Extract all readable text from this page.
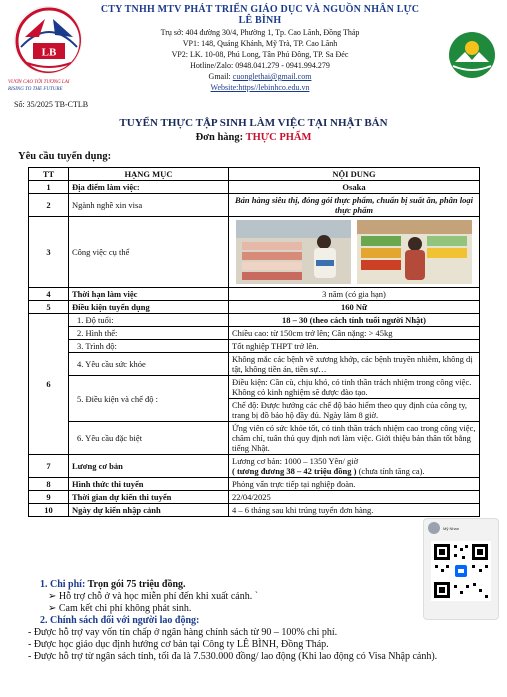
LB
VƯƠN CAO TỚI TƯƠNG LAI
RISING TO THE FUTURE
CTY TNHH MTV PHÁT TRIỂN GIÁO DỤC VÀ NGUỒN NHÂN LỰC LÊ BÌNH
Trụ sở: 404 đường 30/4, Phường 1, Tp. Cao Lãnh, Đồng Tháp
VP1: 148, Quảng Khánh, Mỹ Trà, TP. Cao Lãnh
VP2: LK. 10-08, Phú Long, Tân Phú Đông, TP. Sa Đéc
Hotline/Zalo: 0948.041.279 - 0941.994.279
Gmail: cuonglethai@gmail.com
Website:https//lebinhco.edu.vn
Số: 35/2025 TB-CTLB
TUYỂN THỰC TẬP SINH LÀM VIỆC TẠI NHẬT BẢN
Đơn hàng: THỰC PHẨM
Yêu cầu tuyển dụng:
TT	HẠNG MỤC	NỘI DUNG
1	Địa điểm làm việc:	Osaka
2	Ngành nghề xin visa	Bán hàng siêu thị, đóng gói thực phẩm, chuẩn bị suất ăn, phân loại thực phẩm
3	Công việc cụ thể	

4	Thời hạn làm việc	3 năm (có gia hạn)
5	Điều kiện tuyển dụng	160 Nữ
6	1. Độ tuổi:	18 – 30 (theo cách tính tuổi người Nhật)
	2. Hình thể:	Chiều cao: từ 150cm trở lên; Cân nặng: > 45kg
	3. Trình độ:	Tốt nghiệp THPT trở lên.
	4. Yêu cầu sức khỏe	Không mắc các bệnh về xương khớp, các bệnh truyền nhiễm, không dị tật, không tiền án, tiền sự…
	5. Điều kiện và chế độ :	Điều kiện: Cần cù, chịu khó, có tinh thần trách nhiệm trong công việc. Không cỏ kinh nghiệm sẽ được đào tạo.
		Chế độ: Được hưởng các chế độ bảo hiểm theo quy định của công ty, trang bị đồ bảo hộ đầy đủ. Ngày làm 8 giờ.
	6. Yêu cầu đặc biệt	Ứng viên có sức khỏe tốt, có tinh thần trách nhiệm cao trong công việc, chăm chỉ, tuân thủ quy định nơi làm việc. Giới thiệu bản thân tốt bằng tiếng Nhật.
7	Lương cơ bản	Lương cơ bản: 1000 – 1350 Yên/ giờ
( tương đương 38 – 42 triệu đồng ) (chưa tính tăng ca).

8	Hình thức thi tuyển	Phỏng vấn trực tiếp tại nghiệp đoàn.
9	Thời gian dự kiến thi tuyển	22/04/2025
10	Ngày dự kiến nhập cảnh	4 – 6 tháng sau khi trúng tuyển đơn hàng.
Mỹ Nhan
1. Chi phí: Trọn gói 75 triệu đồng.
➢ Hỗ trợ chỗ ở và học miễn phí đến khi xuất cảnh. `
➢ Cam kết chi phí không phát sinh.
2. Chính sách đối với người lao động:
- Được hỗ trợ vay vốn tín chấp ở ngân hàng chính sách từ 90 – 100% chi phí.
- Được học giáo dục định hướng cơ bản tại Công ty LÊ BÌNH, Đồng Tháp.
- Được hỗ trợ từ ngân sách tỉnh, tối đa là 7.530.000 đồng/ lao động (Khi lao động có Visa Nhập cảnh).
